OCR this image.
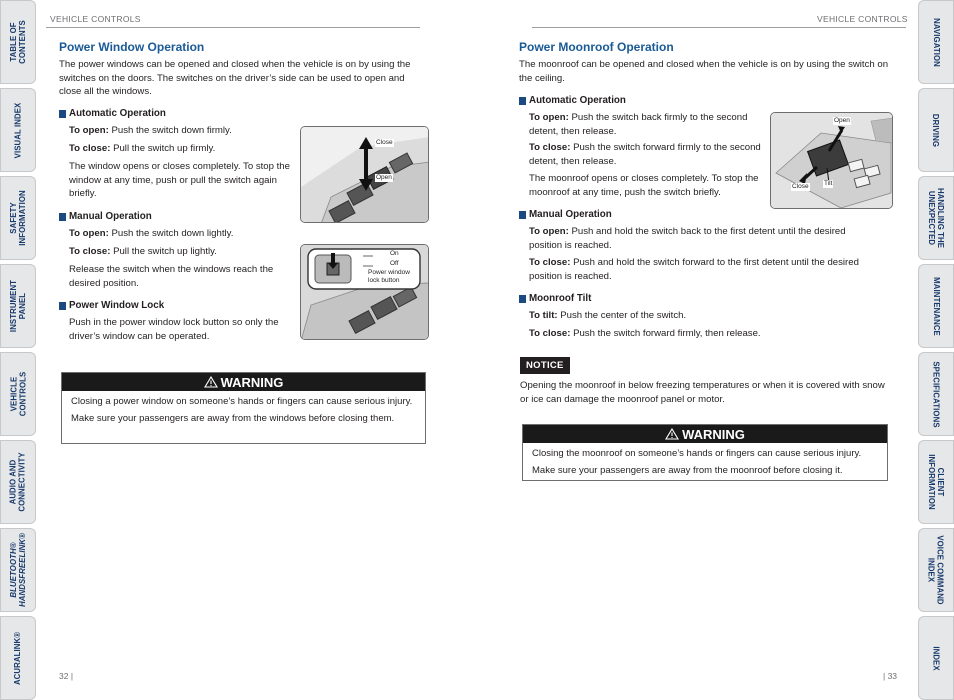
TABLE OF
CONTENTS
VISUAL INDEX
SAFETY
INFORMATION
INSTRUMENT
PANEL
VEHICLE
CONTROLS
AUDIO AND
CONNECTIVITY
BLUETOOTH®
HANDSFREELINK®
ACURALINK®
NAVIGATION
DRIVING
HANDLING THE
UNEXPECTED
MAINTENANCE
SPECIFICATIONS
CLIENT
INFORMATION
VOICE COMMAND
INDEX
INDEX
VEHICLE CONTROLS	VEHICLE CONTROLS
Power Window Operation

The power windows can be opened and closed when the vehicle is on by using the switches on the doors. The switches on the driver’s side can be used to open and close all the windows.

Automatic Operation

To open: Push the switch down firmly.

To close: Pull the switch up firmly.

The window opens or closes completely. To stop the window at any time, push or pull the switch again briefly.

Manual Operation

To open: Push the switch down lightly.

To close: Pull the switch up lightly.

Release the switch when the windows reach the desired position.

Power Window Lock

Push in the power window lock button so only the driver’s window can be operated.

Close
Open
On
Off
Power window
lock button
WARNING

Closing a power window on someone’s hands or fingers can cause serious injury.

Make sure your passengers are away from the windows before closing them.

Power Moonroof Operation

The moonroof can be opened and closed when the vehicle is on by using the switch on the ceiling.

Automatic Operation

To open: Push the switch back firmly to the second detent, then release.

To close: Push the switch forward firmly to the second detent, then release.

The moonroof opens or closes completely. To stop the moonroof at any time, push the switch briefly.

Open
Close Tilt
Manual Operation

To open: Push and hold the switch back to the first detent until the desired position is reached.

To close: Push and hold the switch forward to the first detent until the desired position is reached.

Moonroof Tilt

To tilt: Push the center of the switch.

To close: Push the switch forward firmly, then release.

NOTICE

Opening the moonroof in below freezing temperatures or when it is covered with snow or ice can damage the moonroof panel or motor.

WARNING

Closing the moonroof on someone’s hands or fingers can cause serious injury.

Make sure your passengers are away from the moonroof before closing it.

32 |	| 33
